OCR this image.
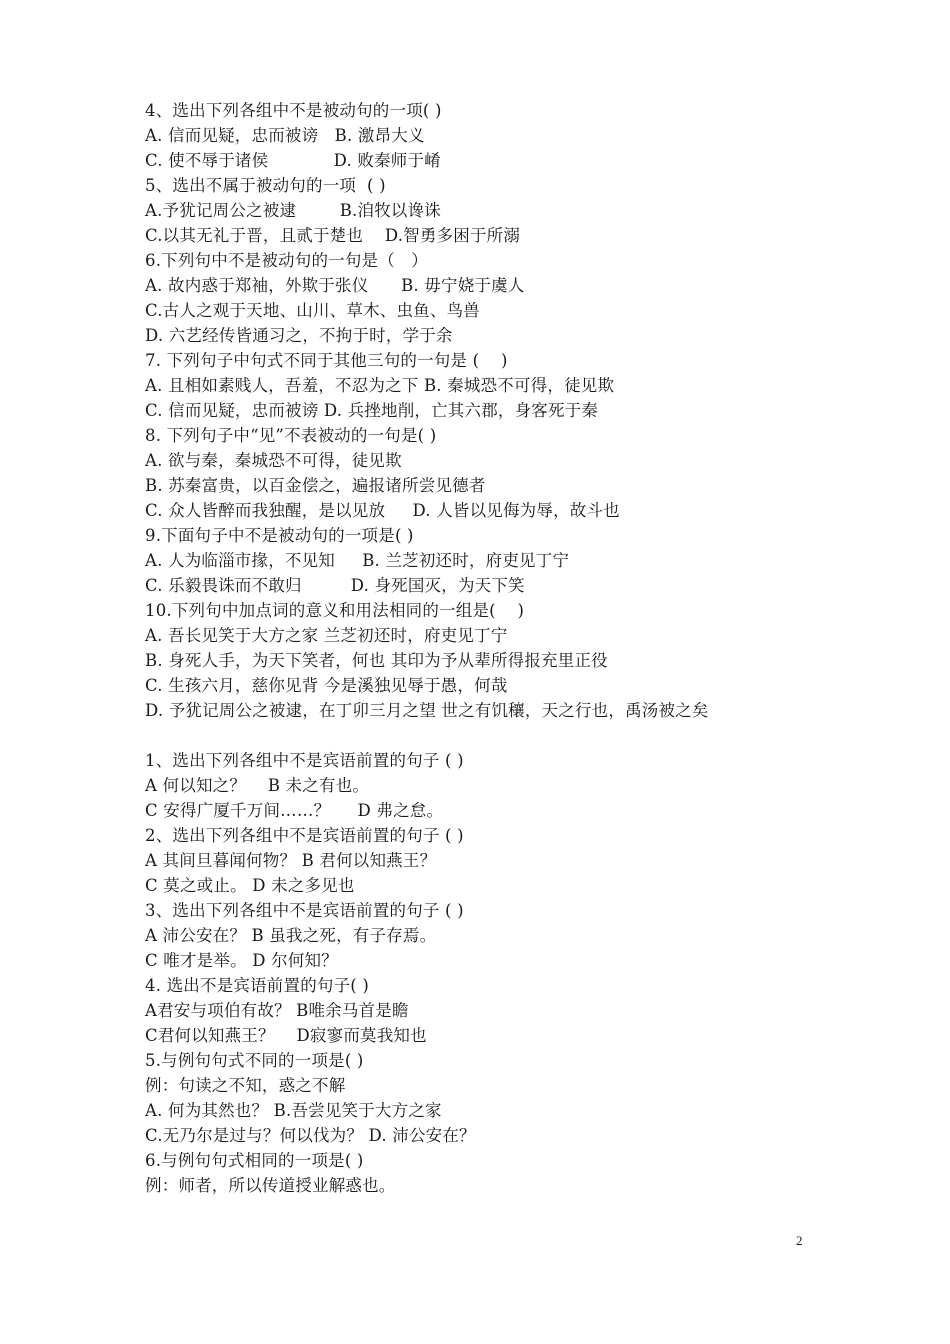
4、选出下列各组中不是被动句的一项( )
A. 信而见疑，忠而被谤   B. 激昂大义
C. 使不辱于诸侯            D. 败秦师于崤
5、选出不属于被动句的一项  ( )
A.予犹记周公之被逮        B.洎牧以谗诛
C.以其无礼于晋，且贰于楚也    D.智勇多困于所溺
6.下列句中不是被动句的一句是（   ）
A. 故内惑于郑袖，外欺于张仪      B. 毋宁娆于虞人
C.古人之观于天地、山川、草木、虫鱼、鸟兽
D. 六艺经传皆通习之，不拘于时，学于余
7. 下列句子中句式不同于其他三句的一句是 (    )
A. 且相如素贱人，吾羞，不忍为之下 B. 秦城恐不可得，徒见欺
C. 信而见疑，忠而被谤 D. 兵挫地削，亡其六郡，身客死于秦
8. 下列句子中“见”不表被动的一句是( )
A. 欲与秦，秦城恐不可得，徒见欺
B. 苏秦富贵，以百金偿之，遍报诸所尝见德者
C. 众人皆醉而我独醒，是以见放     D. 人皆以见侮为辱，故斗也
9.下面句子中不是被动句的一项是( )
A. 人为临淄市掾，不见知     B. 兰芝初还时，府吏见丁宁
C. 乐毅畏诛而不敢归         D. 身死国灭，为天下笑
10.下列句中加点词的意义和用法相同的一组是(    )
A. 吾长见笑于大方之家 兰芝初还时，府吏见丁宁
B. 身死人手，为天下笑者，何也 其印为予从辈所得报充里正役
C. 生孩六月，慈你见背 今是溪独见辱于愚，何哉
D. 予犹记周公之被逮，在丁卯三月之望 世之有饥穰，天之行也，禹汤被之矣
1、选出下列各组中不是宾语前置的句子 ( )
A 何以知之？    B 未之有也。
C 安得广厦千万间……？     D 弗之怠。
2、选出下列各组中不是宾语前置的句子 ( )
A 其间旦暮闻何物？ B 君何以知燕王？
C 莫之或止。 D 未之多见也
3、选出下列各组中不是宾语前置的句子 ( )
A 沛公安在？ B 虽我之死，有子存焉。
C 唯才是举。 D 尔何知？
4. 选出不是宾语前置的句子( )
A君安与项伯有故？ B唯余马首是瞻
C君何以知燕王？    D寂寥而莫我知也
5.与例句句式不同的一项是( )
例：句读之不知，惑之不解
A. 何为其然也？ B.吾尝见笑于大方之家
C.无乃尔是过与？何以伐为？ D. 沛公安在？
6.与例句句式相同的一项是( )
例：师者，所以传道授业解惑也。
2
